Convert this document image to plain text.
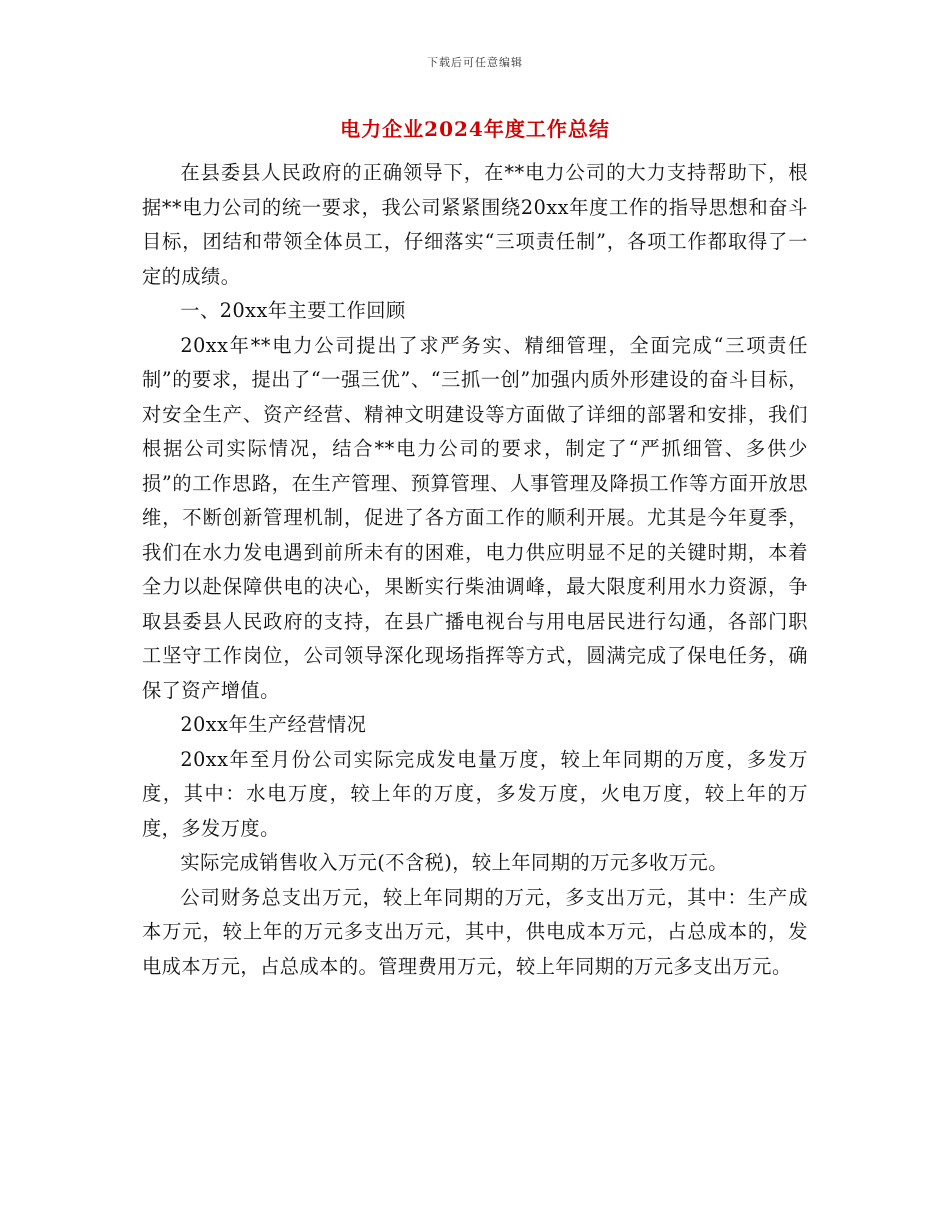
下载后可任意编辑
电力企业2024年度工作总结

在县委县人民政府的正确领导下，在**电力公司的大力支持帮助下，根据**电力公司的统一要求，我公司紧紧围绕20xx年度工作的指导思想和奋斗目标，团结和带领全体员工，仔细落实“三项责任制”，各项工作都取得了一定的成绩。

一、20xx年主要工作回顾

20xx年**电力公司提出了求严务实、精细管理，全面完成“三项责任制”的要求，提出了“一强三优”、“三抓一创”加强内质外形建设的奋斗目标，对安全生产、资产经营、精神文明建设等方面做了详细的部署和安排，我们根据公司实际情况，结合**电力公司的要求，制定了“严抓细管、多供少损”的工作思路，在生产管理、预算管理、人事管理及降损工作等方面开放思维，不断创新管理机制，促进了各方面工作的顺利开展。尤其是今年夏季，我们在水力发电遇到前所未有的困难，电力供应明显不足的关键时期，本着全力以赴保障供电的决心，果断实行柴油调峰，最大限度利用水力资源，争取县委县人民政府的支持，在县广播电视台与用电居民进行勾通，各部门职工坚守工作岗位，公司领导深化现场指挥等方式，圆满完成了保电任务，确保了资产增值。

20xx年生产经营情况

20xx年至月份公司实际完成发电量万度，较上年同期的万度，多发万度，其中：水电万度，较上年的万度，多发万度，火电万度，较上年的万度，多发万度。

实际完成销售收入万元(不含税)，较上年同期的万元多收万元。

公司财务总支出万元，较上年同期的万元，多支出万元，其中：生产成本万元，较上年的万元多支出万元，其中，供电成本万元，占总成本的，发电成本万元，占总成本的。管理费用万元，较上年同期的万元多支出万元。
